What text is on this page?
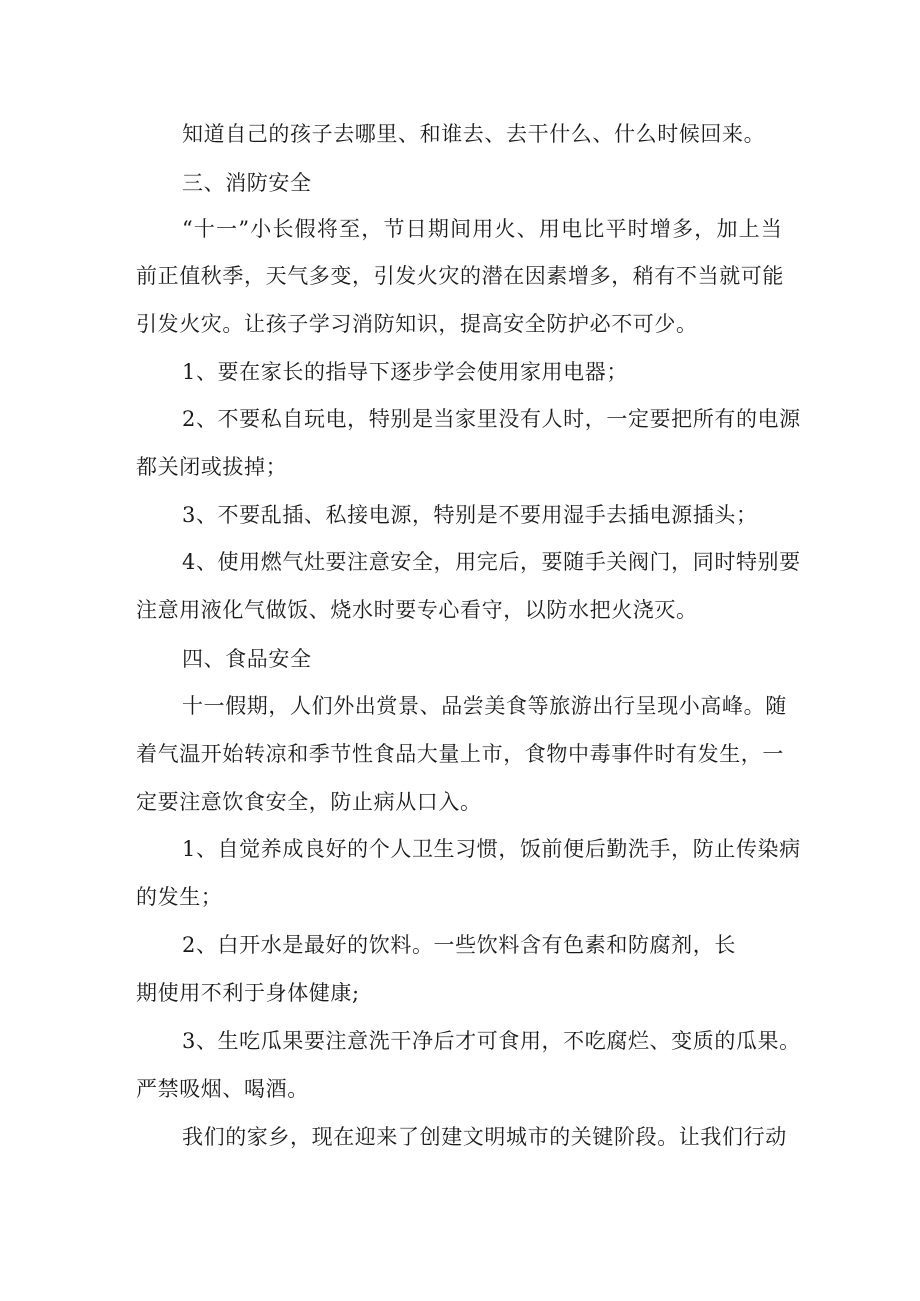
知道自己的孩子去哪里、和谁去、去干什么、什么时候回来。
三、消防安全
“十一”小长假将至，节日期间用火、用电比平时增多，加上当
前正值秋季，天气多变，引发火灾的潜在因素增多，稍有不当就可能
引发火灾。让孩子学习消防知识，提高安全防护必不可少。
1、要在家长的指导下逐步学会使用家用电器；
2、不要私自玩电，特别是当家里没有人时，一定要把所有的电源
都关闭或拔掉；
3、不要乱插、私接电源，特别是不要用湿手去插电源插头；
4、使用燃气灶要注意安全，用完后，要随手关阀门，同时特别要
注意用液化气做饭、烧水时要专心看守，以防水把火浇灭。
四、食品安全
十一假期，人们外出赏景、品尝美食等旅游出行呈现小高峰。随
着气温开始转凉和季节性食品大量上市，食物中毒事件时有发生，一
定要注意饮食安全，防止病从口入。
1、自觉养成良好的个人卫生习惯，饭前便后勤洗手，防止传染病
的发生；
2、白开水是最好的饮料。一些饮料含有色素和防腐剂，长
期使用不利于身体健康;
3、生吃瓜果要注意洗干净后才可食用，不吃腐烂、变质的瓜果。
严禁吸烟、喝酒。
我们的家乡，现在迎来了创建文明城市的关键阶段。让我们行动
